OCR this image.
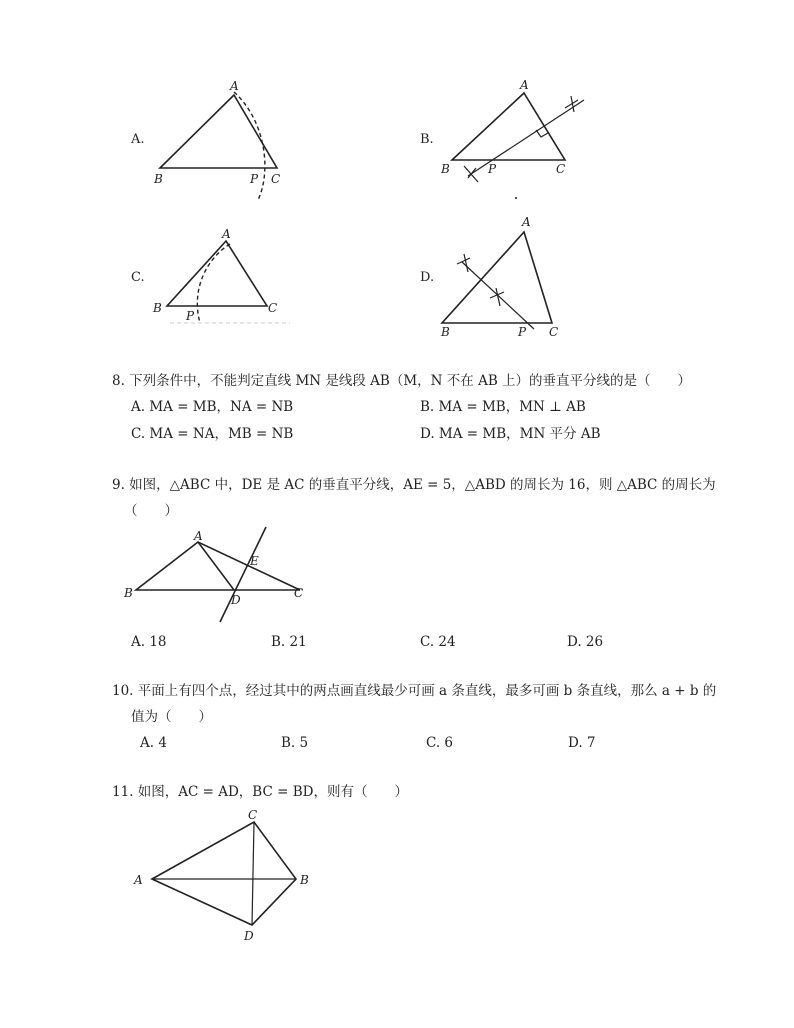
A.
A
B	P C
B.
A
B	P	C
C.
A
B
P
C
D.
A
B	P C
8. 下列条件中，不能判定直线 MN 是线段 AB（M，N 不在 AB 上）的垂直平分线的是（　　）
A. MA = MB，NA = NB	B. MA = MB，MN ⊥ AB
C. MA = NA，MB = NB	D. MA = MB，MN 平分 AB
9. 如图，△ABC 中，DE 是 AC 的垂直平分线，AE = 5，△ABD 的周长为 16，则 △ABC 的周长为
（　　）
A
B	D
E
C
A. 18	B. 21	C. 24	D. 26
10. 平面上有四个点，经过其中的两点画直线最少可画 a 条直线，最多可画 b 条直线，那么 a + b 的
值为（　　）
A. 4	B. 5	C. 6	D. 7
11. 如图，AC = AD，BC = BD，则有（　　）
A
C
B
D
